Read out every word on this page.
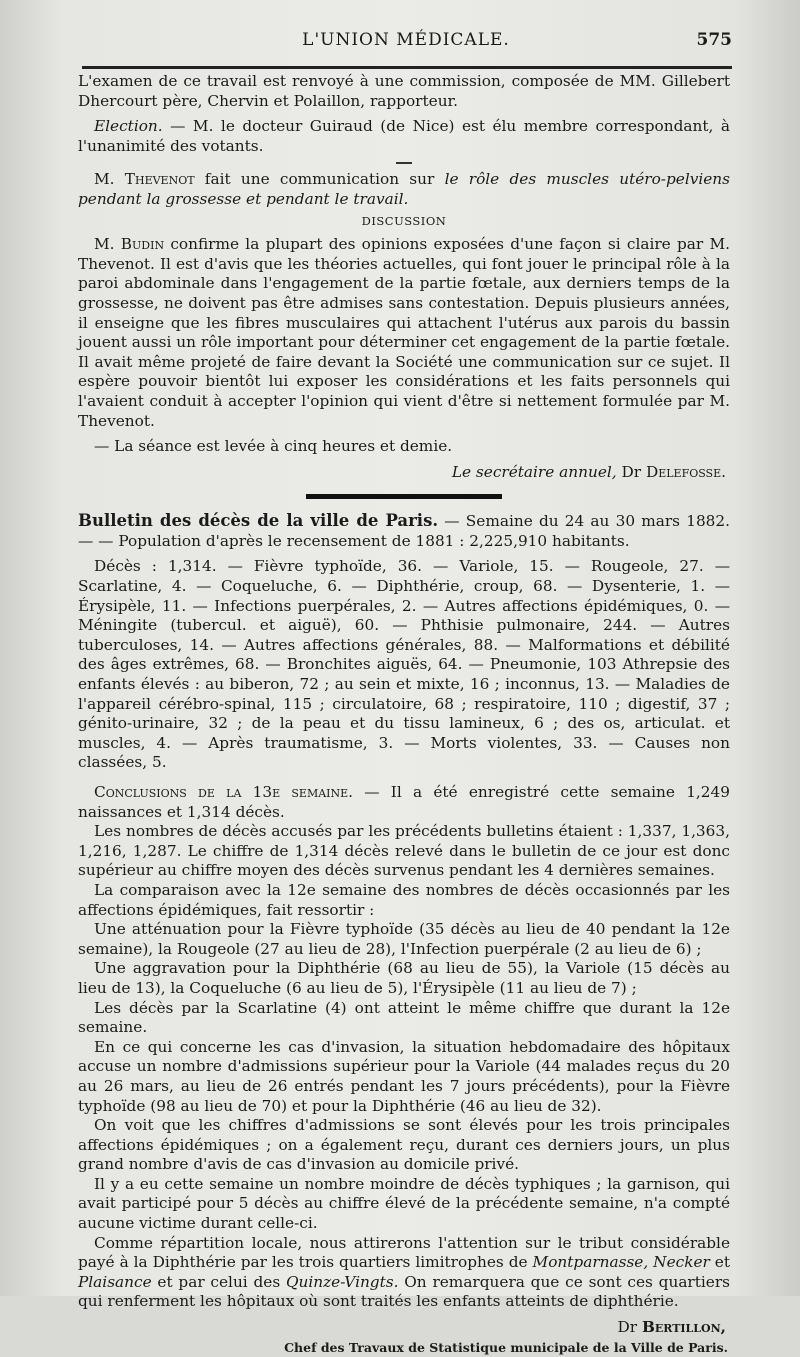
L'UNION MÉDICALE.	575

L'examen de ce travail est renvoyé à une commission, composée de MM. Gillebert Dhercourt père, Chervin et Polaillon, rapporteur.

Election. — M. le docteur Guiraud (de Nice) est élu membre correspondant, à l'unanimité des votants.

M. Thevenot fait une communication sur le rôle des muscles utéro-pelviens pendant la grossesse et pendant le travail.

DISCUSSION

M. Budin confirme la plupart des opinions exposées d'une façon si claire par M. Thevenot. Il est d'avis que les théories actuelles, qui font jouer le principal rôle à la paroi abdominale dans l'engagement de la partie fœtale, aux derniers temps de la grossesse, ne doivent pas être admises sans contestation. Depuis plusieurs années, il enseigne que les fibres musculaires qui attachent l'utérus aux parois du bassin jouent aussi un rôle important pour déterminer cet engagement de la partie fœtale. Il avait même projeté de faire devant la Société une communication sur ce sujet. Il espère pouvoir bientôt lui exposer les considérations et les faits personnels qui l'avaient conduit à accepter l'opinion qui vient d'être si nettement formulée par M. Thevenot.

— La séance est levée à cinq heures et demie.

Le secrétaire annuel, Dr Delefosse.

Bulletin des décès de la ville de Paris. — Semaine du 24 au 30 mars 1882. — — Population d'après le recensement de 1881 : 2,225,910 habitants.

Décès : 1,314. — Fièvre typhoïde, 36. — Variole, 15. — Rougeole, 27. — Scarlatine, 4. — Coqueluche, 6. — Diphthérie, croup, 68. — Dysenterie, 1. — Érysipèle, 11. — Infections puerpérales, 2. — Autres affections épidémiques, 0. — Méningite (tubercul. et aiguë), 60. — Phthisie pulmonaire, 244. — Autres tuberculoses, 14. — Autres affections générales, 88. — Malformations et débilité des âges extrêmes, 68. — Bronchites aiguës, 64. — Pneumonie, 103 Athrepsie des enfants élevés : au biberon, 72 ; au sein et mixte, 16 ; inconnus, 13. — Maladies de l'appareil cérébro-spinal, 115 ; circulatoire, 68 ; respiratoire, 110 ; digestif, 37 ; génito-urinaire, 32 ; de la peau et du tissu lamineux, 6 ; des os, articulat. et muscles, 4. — Après traumatisme, 3. — Morts violentes, 33. — Causes non classées, 5.

Conclusions de la 13e semaine. — Il a été enregistré cette semaine 1,249 naissances et 1,314 décès.

Les nombres de décès accusés par les précédents bulletins étaient : 1,337, 1,363, 1,216, 1,287. Le chiffre de 1,314 décès relevé dans le bulletin de ce jour est donc supérieur au chiffre moyen des décès survenus pendant les 4 dernières semaines.

La comparaison avec la 12e semaine des nombres de décès occasionnés par les affections épidémiques, fait ressortir :

Une atténuation pour la Fièvre typhoïde (35 décès au lieu de 40 pendant la 12e semaine), la Rougeole (27 au lieu de 28), l'Infection puerpérale (2 au lieu de 6) ;

Une aggravation pour la Diphthérie (68 au lieu de 55), la Variole (15 décès au lieu de 13), la Coqueluche (6 au lieu de 5), l'Érysipèle (11 au lieu de 7) ;

Les décès par la Scarlatine (4) ont atteint le même chiffre que durant la 12e semaine.

En ce qui concerne les cas d'invasion, la situation hebdomadaire des hôpitaux accuse un nombre d'admissions supérieur pour la Variole (44 malades reçus du 20 au 26 mars, au lieu de 26 entrés pendant les 7 jours précédents), pour la Fièvre typhoïde (98 au lieu de 70) et pour la Diphthérie (46 au lieu de 32).

On voit que les chiffres d'admissions se sont élevés pour les trois principales affections épidémiques ; on a également reçu, durant ces derniers jours, un plus grand nombre d'avis de cas d'invasion au domicile privé.

Il y a eu cette semaine un nombre moindre de décès typhiques ; la garnison, qui avait participé pour 5 décès au chiffre élevé de la précédente semaine, n'a compté aucune victime durant celle-ci.

Comme répartition locale, nous attirerons l'attention sur le tribut considérable payé à la Diphthérie par les trois quartiers limitrophes de Montparnasse, Necker et Plaisance et par celui des Quinze-Vingts. On remarquera que ce sont ces quartiers qui renferment les hôpitaux où sont traités les enfants atteints de diphthérie.

Dr Bertillon,
Chef des Travaux de Statistique municipale de la Ville de Paris.
